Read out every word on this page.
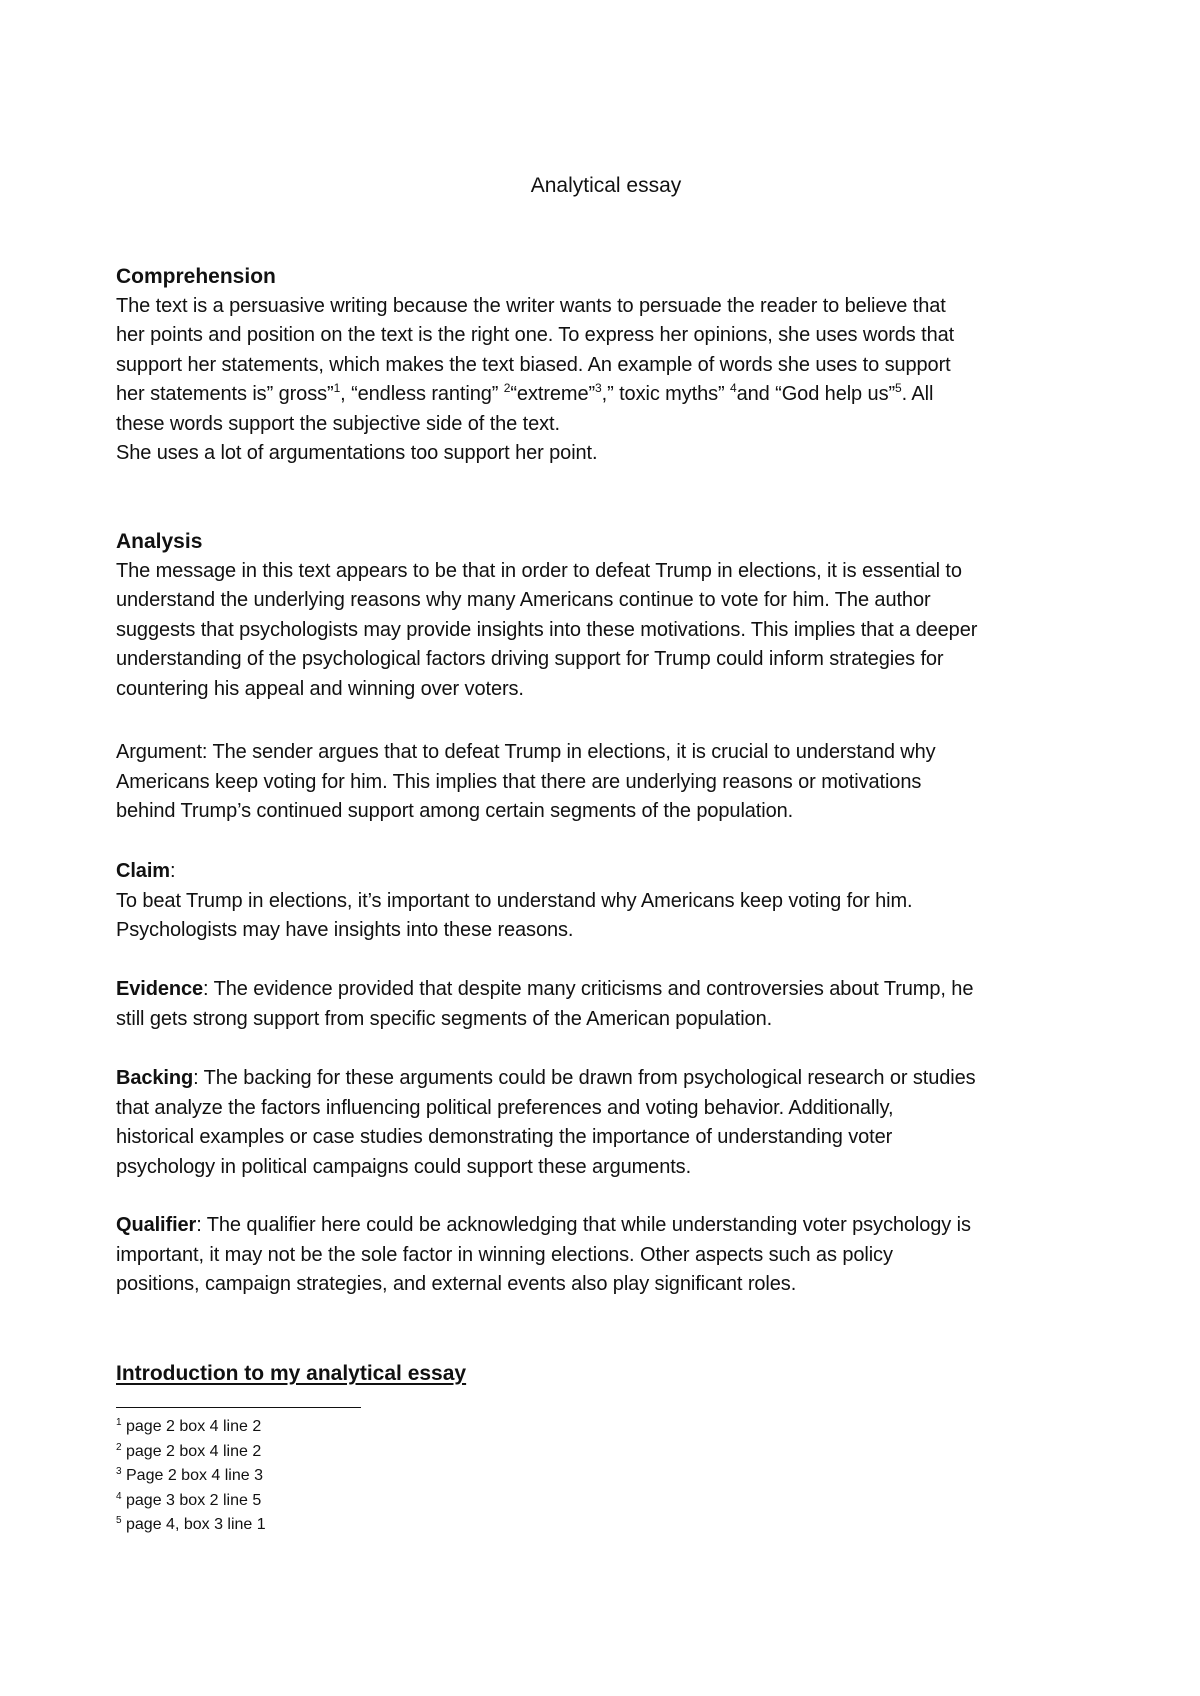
Analytical essay

Comprehension

The text is a persuasive writing because the writer wants to persuade the reader to believe that

her points and position on the text is the right one. To express her opinions, she uses words that

support her statements, which makes the text biased. An example of words she uses to support

her statements is” gross”$^1$, “endless ranting” $^2$“extreme”$^3$,” toxic myths” $^4$and “God help us”$^5$. All

these words support the subjective side of the text.

She uses a lot of argumentations too support her point.

Analysis

The message in this text appears to be that in order to defeat Trump in elections, it is essential to

understand the underlying reasons why many Americans continue to vote for him. The author

suggests that psychologists may provide insights into these motivations. This implies that a deeper

understanding of the psychological factors driving support for Trump could inform strategies for

countering his appeal and winning over voters.

Argument: The sender argues that to defeat Trump in elections, it is crucial to understand why

Americans keep voting for him. This implies that there are underlying reasons or motivations

behind Trump’s continued support among certain segments of the population.

Claim:

To beat Trump in elections, it’s important to understand why Americans keep voting for him.

Psychologists may have insights into these reasons.

Evidence: The evidence provided that despite many criticisms and controversies about Trump, he

still gets strong support from specific segments of the American population.

Backing: The backing for these arguments could be drawn from psychological research or studies

that analyze the factors influencing political preferences and voting behavior. Additionally,

historical examples or case studies demonstrating the importance of understanding voter

psychology in political campaigns could support these arguments.

Qualifier: The qualifier here could be acknowledging that while understanding voter psychology is

important, it may not be the sole factor in winning elections. Other aspects such as policy

positions, campaign strategies, and external events also play significant roles.

Introduction to my analytical essay

$^1$ page 2 box 4 line 2

$^2$ page 2 box 4 line 2

$^3$ Page 2 box 4 line 3

$^4$ page 3 box 2 line 5

$^5$ page 4, box 3 line 1
